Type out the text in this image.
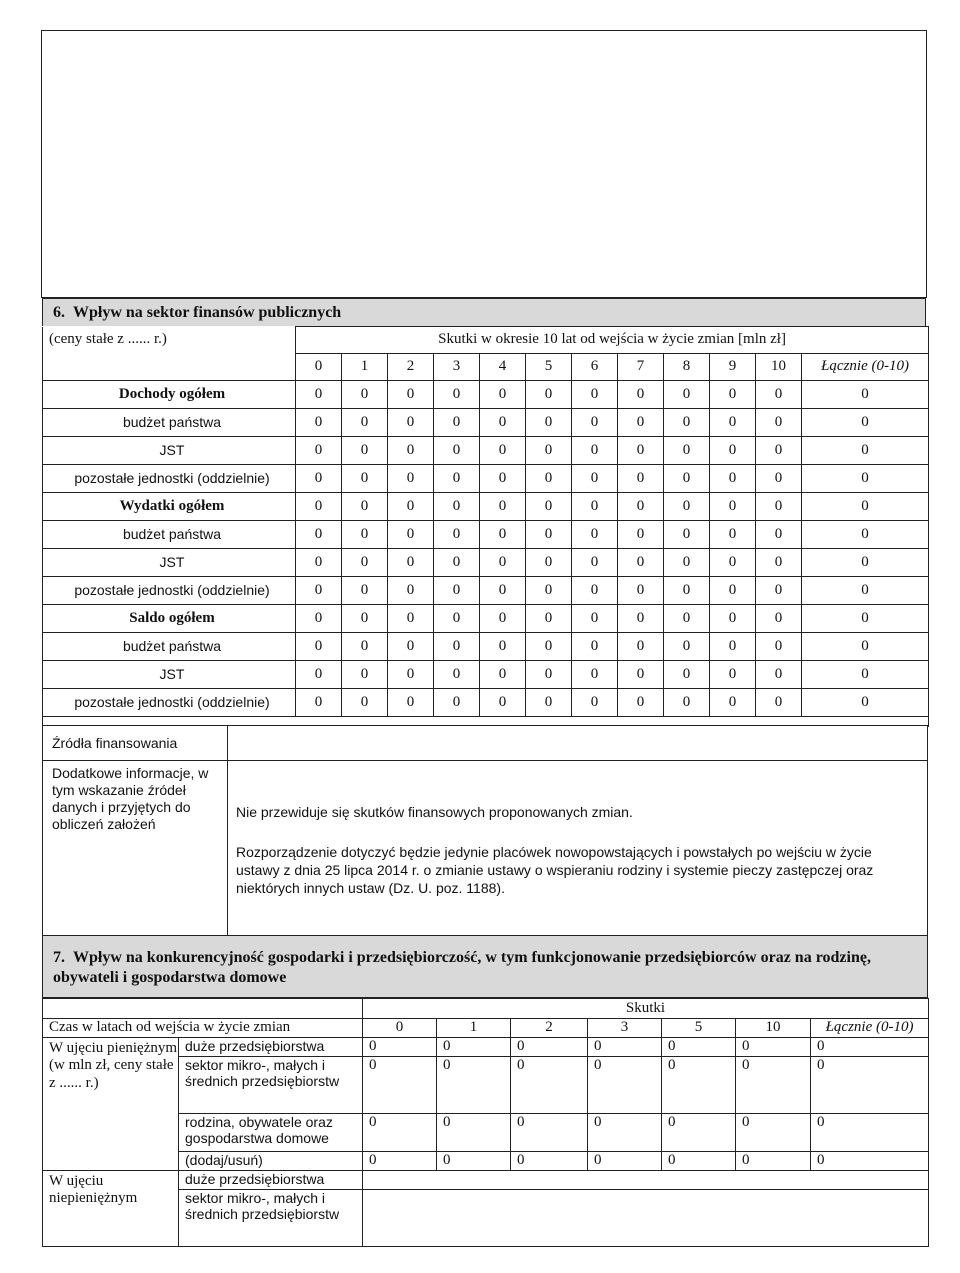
6.  Wpływ na sektor finansów publicznych
(ceny stałe z ...... r.)	Skutki w okresie 10 lat od wejścia w życie zmian [mln zł]											
	0	1	2	3	4	5	6	7	8	9	10	Łącznie (0-10)
Dochody ogółem	0	0	0	0	0	0	0	0	0	0	0	0
budżet państwa	0	0	0	0	0	0	0	0	0	0	0	0
JST	0	0	0	0	0	0	0	0	0	0	0	0
pozostałe jednostki (oddzielnie)	0	0	0	0	0	0	0	0	0	0	0	0
Wydatki ogółem	0	0	0	0	0	0	0	0	0	0	0	0
budżet państwa	0	0	0	0	0	0	0	0	0	0	0	0
JST	0	0	0	0	0	0	0	0	0	0	0	0
pozostałe jednostki (oddzielnie)	0	0	0	0	0	0	0	0	0	0	0	0
Saldo ogółem	0	0	0	0	0	0	0	0	0	0	0	0
budżet państwa	0	0	0	0	0	0	0	0	0	0	0	0
JST	0	0	0	0	0	0	0	0	0	0	0	0
pozostałe jednostki (oddzielnie)	0	0	0	0	0	0	0	0	0	0	0	0

Źródła finansowania
Dodatkowe informacje, w tym wskazanie źródeł danych i przyjętych do obliczeń założeń
Nie przewiduje się skutków finansowych proponowanych zmian.
Rozporządzenie dotyczyć będzie jedynie placówek nowopowstających i powstałych po wejściu w życie ustawy z dnia 25 lipca 2014 r. o zmianie ustawy o wspieraniu rodziny i systemie pieczy zastępczej oraz niektórych innych ustaw (Dz. U. poz. 1188).
7.  Wpływ na konkurencyjność gospodarki i przedsiębiorczość, w tym funkcjonowanie przedsiębiorców oraz na rodzinę, obywateli i gospodarstwa domowe
		Skutki						
Czas w latach od wejścia w życie zmian		0	1	2	3	5	10	Łącznie (0-10)
W ujęciu pieniężnym (w mln zł, ceny stałe z ...... r.)	duże przedsiębiorstwa	0	0	0	0	0	0	0
	sektor mikro-, małych i średnich przedsiębiorstw	0	0	0	0	0	0	0
	rodzina, obywatele oraz gospodarstwa domowe	0	0	0	0	0	0	0
	(dodaj/usuń)	0	0	0	0	0	0	0
W ujęciu niepieniężnym	duże przedsiębiorstwa							
	sektor mikro-, małych i średnich przedsiębiorstw							
